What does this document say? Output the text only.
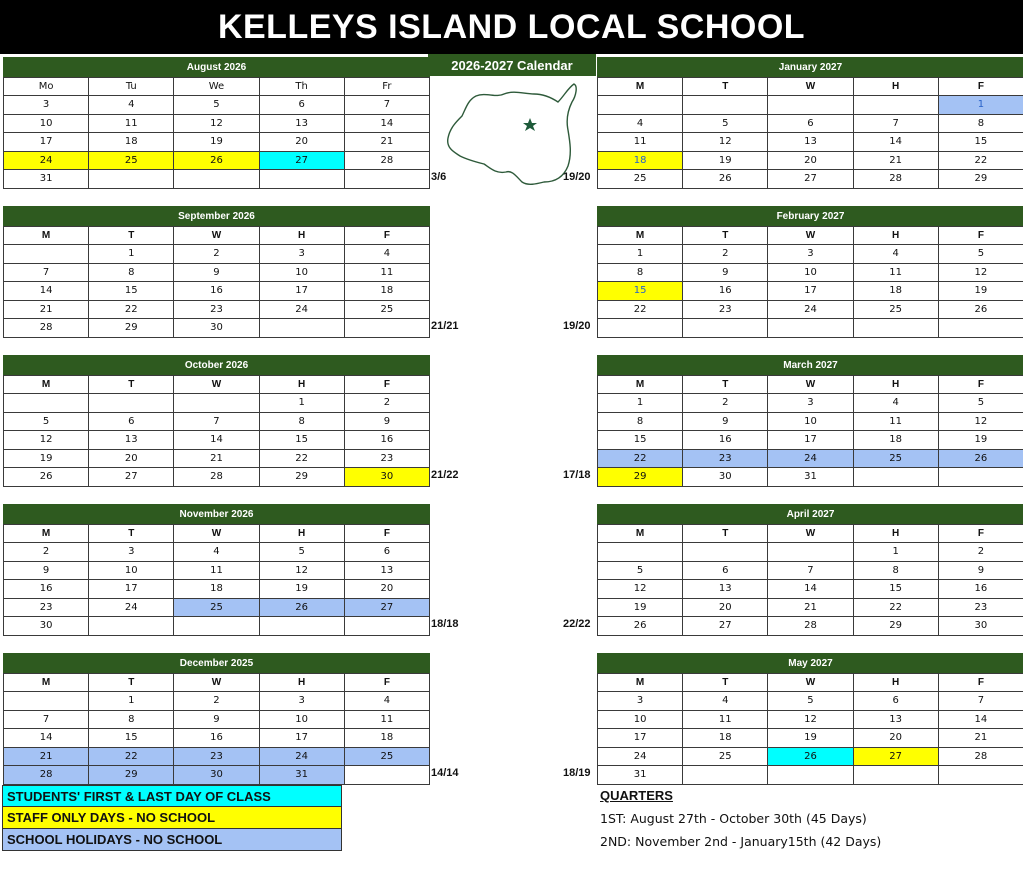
KELLEYS ISLAND LOCAL SCHOOL
2026-2027 Calendar
August 2026
Mo	Tu	We	Th	Fr
3	4	5	6	7
10	11	12	13	14
17	18	19	20	21
24	25	26	27	28
31					3/6
September 2026
M	T	W	H	F
	1	2	3	4
7	8	9	10	11
14	15	16	17	18
21	22	23	24	25
28	29	30			21/21
October 2026
M	T	W	H	F
			1	2
5	6	7	8	9
12	13	14	15	16
19	20	21	22	23
26	27	28	29	30	21/22
November 2026
M	T	W	H	F
2	3	4	5	6
9	10	11	12	13
16	17	18	19	20
23	24	25	26	27
30					18/18
December 2025
M	T	W	H	F
	1	2	3	4
7	8	9	10	11
14	15	16	17	18
21	22	23	24	25
28	29	30	31		14/14
January 2027
M	T	W	H	F
				1
4	5	6	7	8
11	12	13	14	15
18	19	20	21	22
25	26	27	28	29
19/20
February 2027
M	T	W	H	F
1	2	3	4	5
8	9	10	11	12
15	16	17	18	19
22	23	24	25	26

19/20
March 2027
M	T	W	H	F
1	2	3	4	5
8	9	10	11	12
15	16	17	18	19
22	23	24	25	26
29	30	31		
17/18
April 2027
M	T	W	H	F
			1	2
5	6	7	8	9
12	13	14	15	16
19	20	21	22	23
26	27	28	29	30
22/22
May 2027
M	T	W	H	F
3	4	5	6	7
10	11	12	13	14
17	18	19	20	21
24	25	26	27	28
31				
18/19
STUDENTS' FIRST & LAST DAY OF CLASS
STAFF ONLY DAYS - NO SCHOOL
SCHOOL HOLIDAYS - NO SCHOOL
QUARTERS
1ST: August 27th - October 30th (45 Days)
2ND: November 2nd - January15th (42 Days)
